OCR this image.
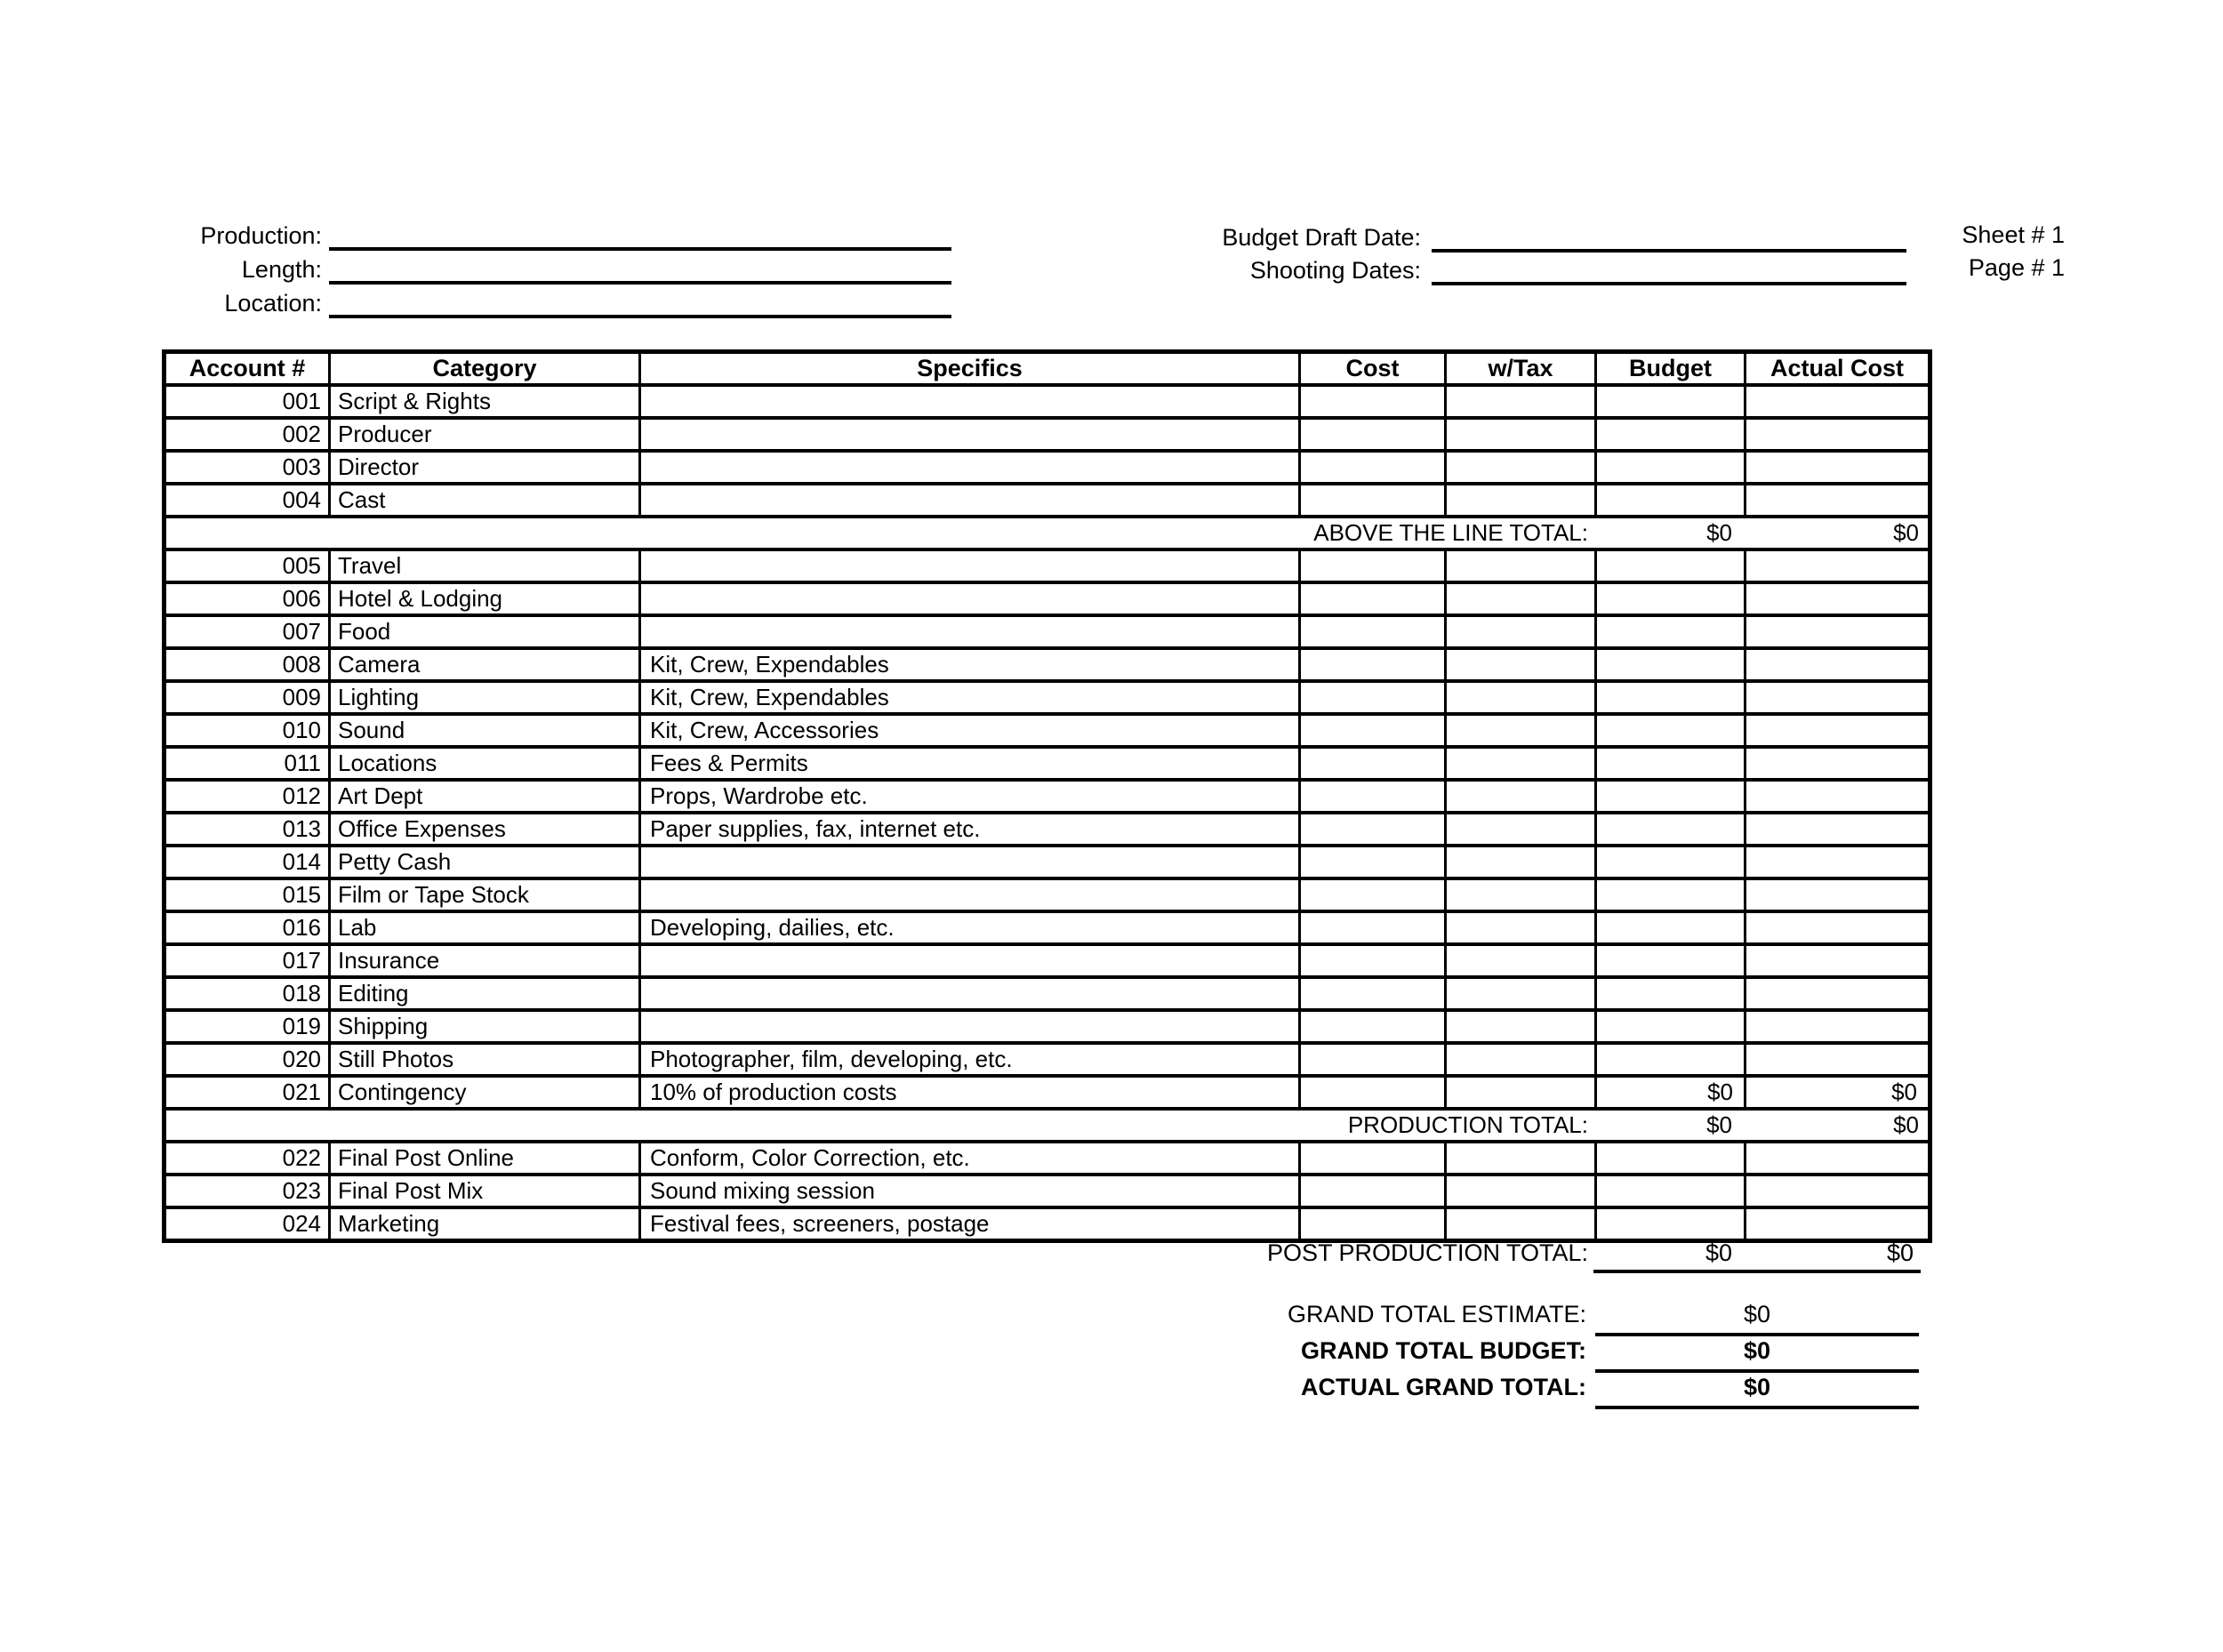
Production:
Length:
Location:
Budget Draft Date:
Shooting Dates:
Sheet # 1
Page # 1
Account #	Category	Specifics	Cost	w/Tax	Budget	Actual Cost
001	Script & Rights					
002	Producer					
003	Director					
004	Cast					

ABOVE THE LINE TOTAL: $0 $0						

005	Travel					
006	Hotel & Lodging					
007	Food					
008	Camera	Kit, Crew, Expendables				
009	Lighting	Kit, Crew, Expendables				
010	Sound	Kit, Crew, Accessories				
011	Locations	Fees & Permits				
012	Art Dept	Props, Wardrobe etc.				
013	Office Expenses	Paper supplies, fax, internet etc.				
014	Petty Cash					
015	Film or Tape Stock					
016	Lab	Developing, dailies, etc.				
017	Insurance					
018	Editing					
019	Shipping					
020	Still Photos	Photographer, film, developing, etc.				
021	Contingency	10% of production costs			$0	$0

PRODUCTION TOTAL: $0 $0						

022	Final Post Online	Conform, Color Correction, etc.				
023	Final Post Mix	Sound mixing session				
024	Marketing	Festival fees, screeners, postage				
POST PRODUCTION TOTAL:	$0	$0
GRAND TOTAL ESTIMATE:	$0
GRAND TOTAL BUDGET:	$0
ACTUAL GRAND TOTAL:	$0
